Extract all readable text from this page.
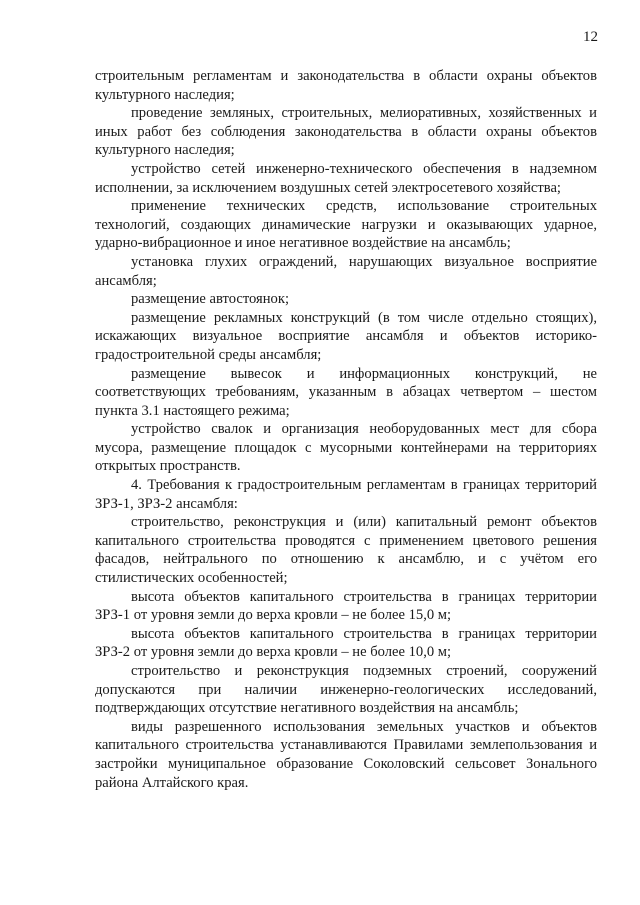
12

строительным регламентам и законодательства в области охраны объектов культурного наследия;

проведение земляных, строительных, мелиоративных, хозяйственных и иных работ без соблюдения законодательства в области охраны объектов культурного наследия;

устройство сетей инженерно-технического обеспечения в надземном исполнении, за исключением воздушных сетей электросетевого хозяйства;

применение технических средств, использование строительных технологий, создающих динамические нагрузки и оказывающих ударное, ударно-вибрационное и иное негативное воздействие на ансамбль;

установка глухих ограждений, нарушающих визуальное восприятие ансамбля;

размещение автостоянок;

размещение рекламных конструкций (в том числе отдельно стоящих), искажающих визуальное восприятие ансамбля и объектов историко-градостроительной среды ансамбля;

размещение вывесок и информационных конструкций, не соответствующих требованиям, указанным в абзацах четвертом – шестом пункта 3.1 настоящего режима;

устройство свалок и организация необорудованных мест для сбора мусора, размещение площадок с мусорными контейнерами на территориях открытых пространств.

4. Требования к градостроительным регламентам в границах территорий ЗРЗ-1, ЗРЗ-2 ансамбля:

строительство, реконструкция и (или) капитальный ремонт объектов капитального строительства проводятся с применением цветового решения фасадов, нейтрального по отношению к ансамблю, и с учётом его стилистических особенностей;

высота объектов капитального строительства в границах территории ЗРЗ-1 от уровня земли до верха кровли – не более 15,0 м;

высота объектов капитального строительства в границах территории ЗРЗ-2 от уровня земли до верха кровли – не более 10,0 м;

строительство и реконструкция подземных строений, сооружений допускаются при наличии инженерно-геологических исследований, подтверждающих отсутствие негативного воздействия на ансамбль;

виды разрешенного использования земельных участков и объектов капитального строительства устанавливаются Правилами землепользования и застройки муниципальное образование Соколовский сельсовет Зонального района Алтайского края.
